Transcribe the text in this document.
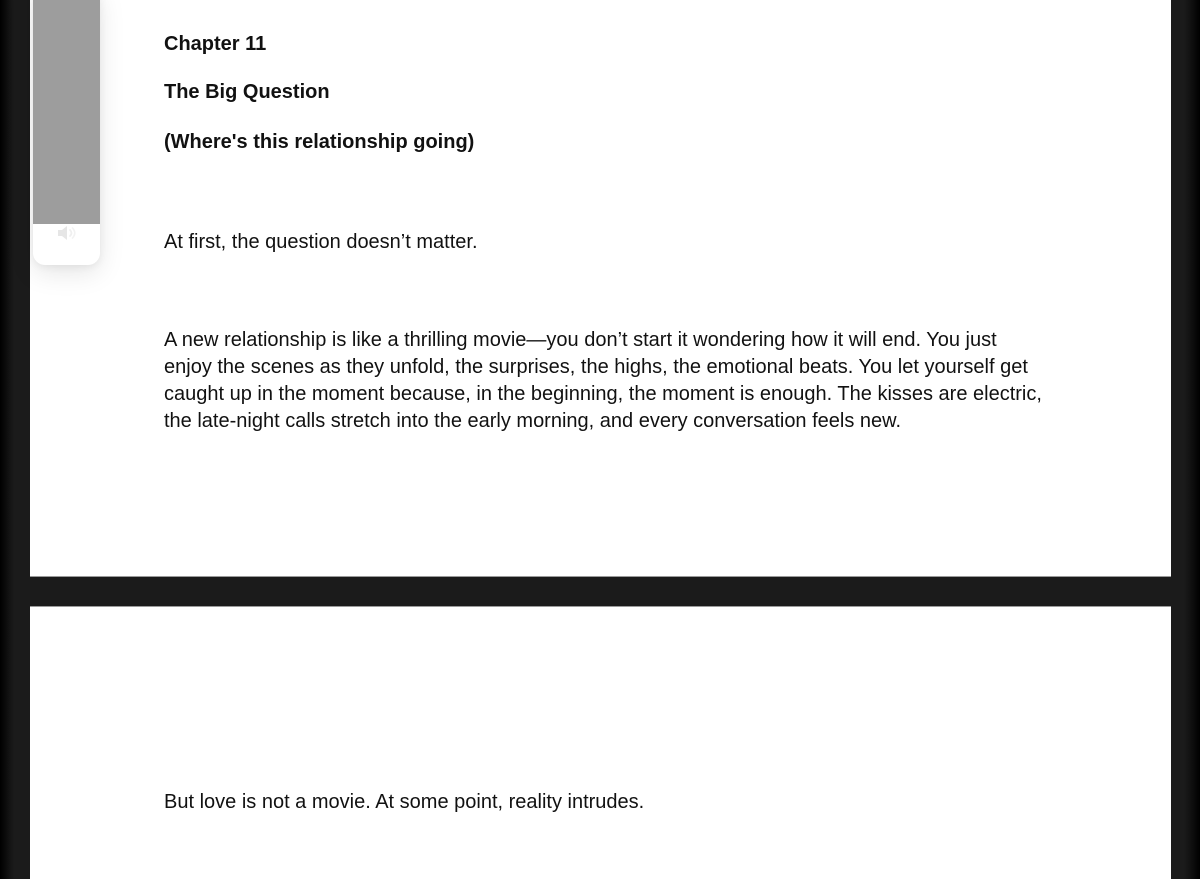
Chapter 11

The Big Question

(Where's this relationship going)

At first, the question doesn’t matter.

A new relationship is like a thrilling movie—you don’t start it wondering how it will end. You just enjoy the scenes as they unfold, the surprises, the highs, the emotional beats. You let yourself get caught up in the moment because, in the beginning, the moment is enough. The kisses are electric, the late-night calls stretch into the early morning, and every conversation feels new.

But love is not a movie. At some point, reality intrudes.
